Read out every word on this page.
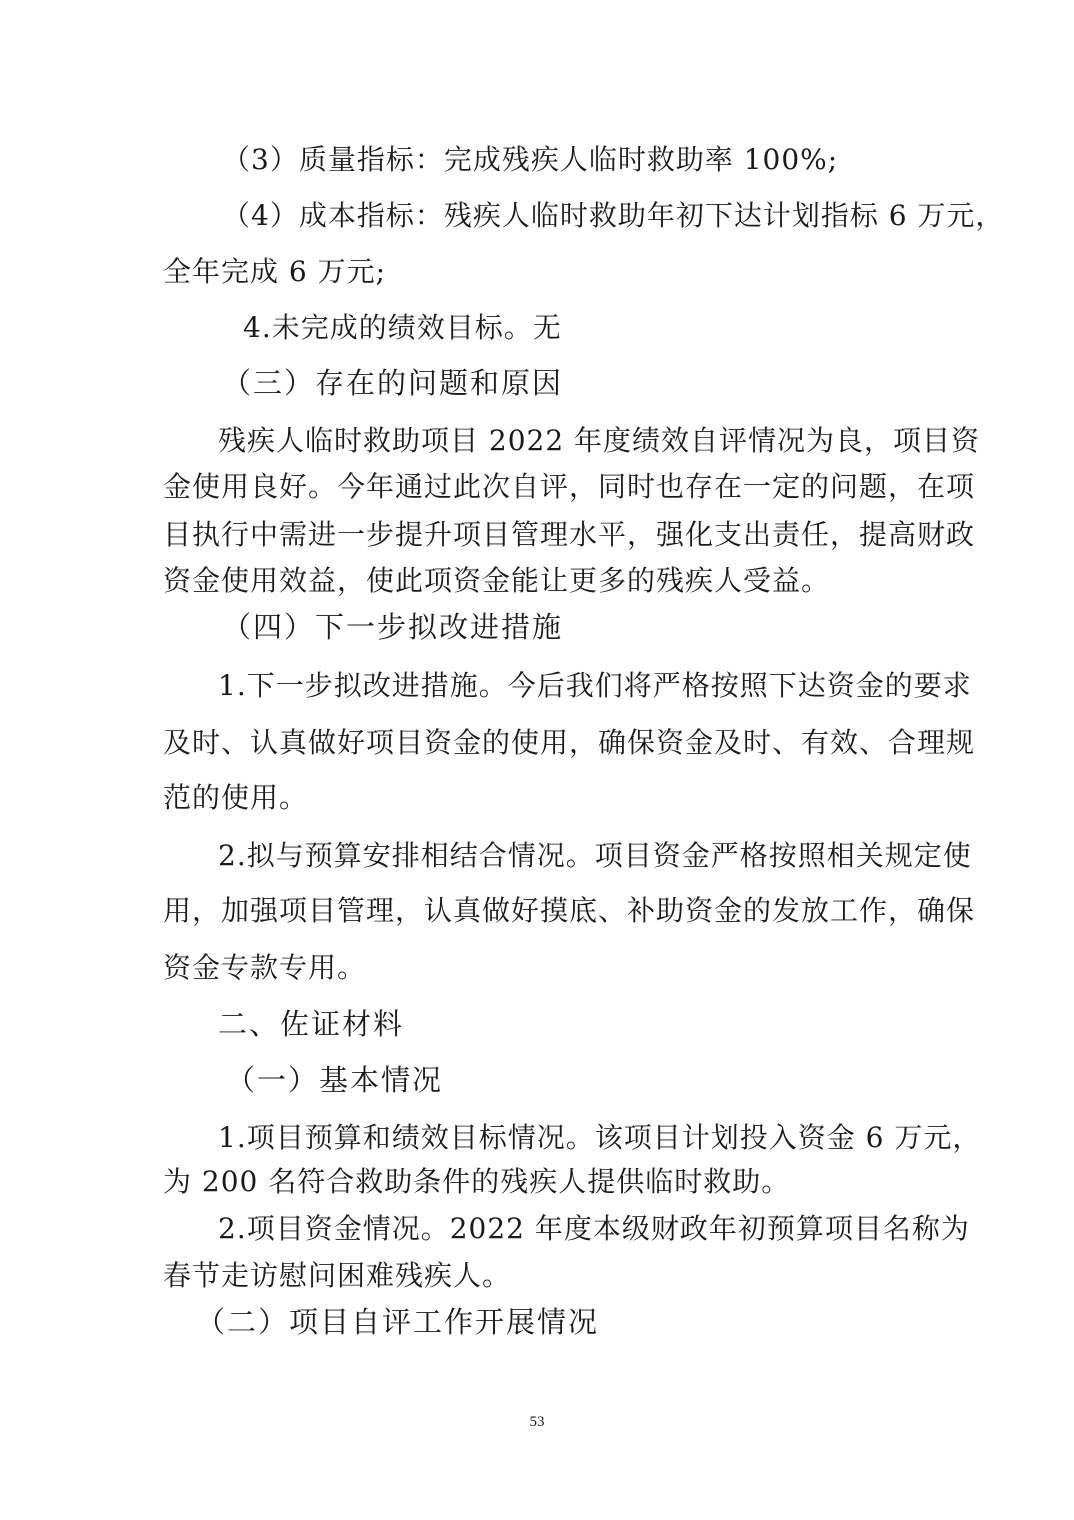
（3）质量指标：完成残疾人临时救助率 100%;

（4）成本指标：残疾人临时救助年初下达计划指标 6 万元，

全年完成 6 万元;

4.未完成的绩效目标。无

（三）存在的问题和原因

残疾人临时救助项目 2022 年度绩效自评情况为良，项目资

金使用良好。今年通过此次自评，同时也存在一定的问题，在项

目执行中需进一步提升项目管理水平，强化支出责任，提高财政

资金使用效益，使此项资金能让更多的残疾人受益。

（四）下一步拟改进措施

1.下一步拟改进措施。今后我们将严格按照下达资金的要求

及时、认真做好项目资金的使用，确保资金及时、有效、合理规

范的使用。

2.拟与预算安排相结合情况。项目资金严格按照相关规定使

用，加强项目管理，认真做好摸底、补助资金的发放工作，确保

资金专款专用。

二、佐证材料

（一）基本情况

1.项目预算和绩效目标情况。该项目计划投入资金 6 万元，

为 200 名符合救助条件的残疾人提供临时救助。

2.项目资金情况。2022 年度本级财政年初预算项目名称为

春节走访慰问困难残疾人。

（二）项目自评工作开展情况

53
